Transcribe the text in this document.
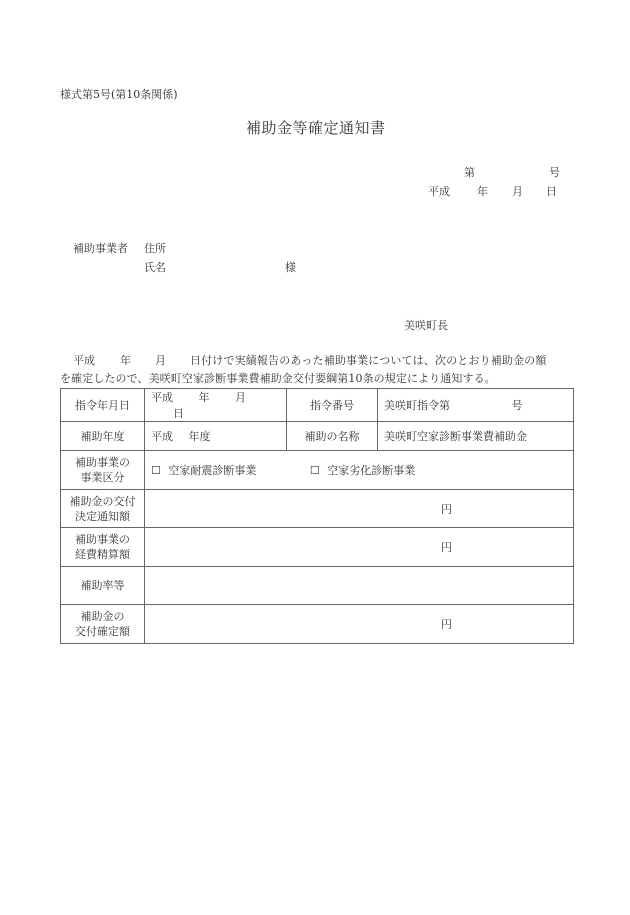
様式第5号(第10条関係)
補助金等確定通知書
第	号
平成 年 月 日
補助事業者 住所
氏名	様
美咲町長
平成 年 月 日付けで実績報告のあった補助事業については、次のとおり補助金の額
を確定したので、美咲町空家診断事業費補助金交付要綱第10条の規定により通知する。
指令年月日	平成 年 月 日	指令番号	美咲町指令第 号
補助年度	平成 年度	補助の名称	美咲町空家診断事業費補助金

補助事業の
事業区分	☐ 空家耐震診断事業 ☐ 空家劣化診断事業		

補助金の交付
決定通知額	円		

補助事業の
経費精算額	円		
補助率等			

補助金の
交付確定額	円		
